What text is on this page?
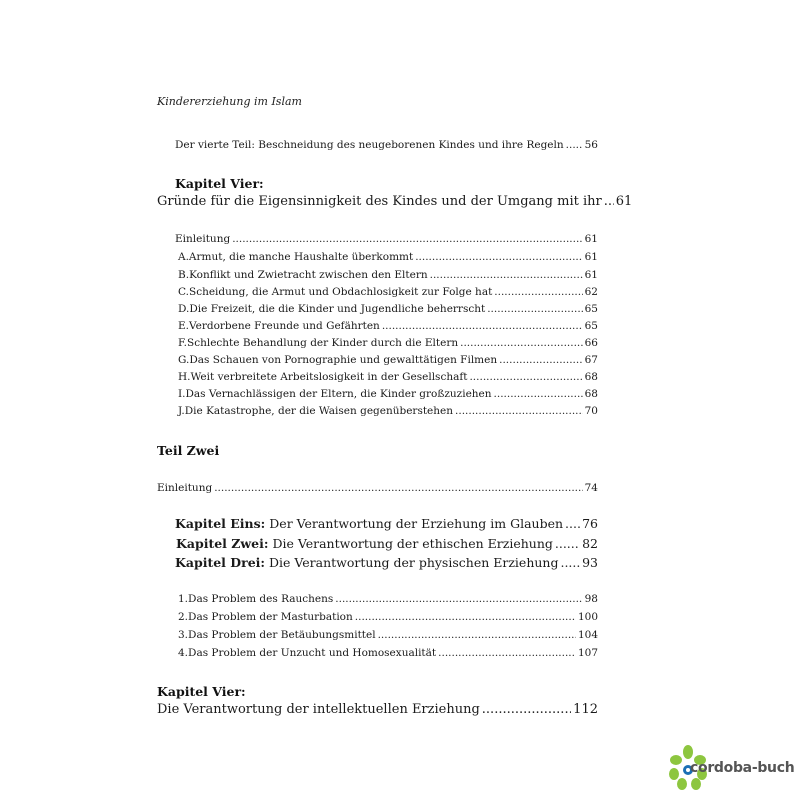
Kindererziehung im Islam
Der vierte Teil: Beschneidung des neugeborenen Kindes und ihre Regeln ..... 56
Kapitel Vier:
Gründe für die Eigensinnigkeit des Kindes und der Umgang mit ihr ..... 61
Einleitung .....	61
A. Armut, die manche Haushalte überkommt .....	61
B. Konflikt und Zwietracht zwischen den Eltern .....	61
C. Scheidung, die Armut und Obdachlosigkeit zur Folge hat .....	62
D. Die Freizeit, die die Kinder und Jugendliche beherrscht .....	65
E. Verdorbene Freunde und Gefährten .....	65
F. Schlechte Behandlung der Kinder durch die Eltern .....	66
G. Das Schauen von Pornographie und gewalttätigen Filmen .....	67
H. Weit verbreitete Arbeitslosigkeit in der Gesellschaft .....	68
I. Das Vernachlässigen der Eltern, die Kinder großzuziehen .....	68
J. Die Katastrophe, der die Waisen gegenüberstehen .....	70
Teil Zwei
Einleitung .....	74
Kapitel Eins: Der Verantwortung der Erziehung im Glauben ..... 76
Kapitel Zwei: Die Verantwortung der ethischen Erziehung ..... 82
Kapitel Drei: Die Verantwortung der physischen Erziehung ..... 93
1. Das Problem des Rauchens .....	98
2. Das Problem der Masturbation .....	100
3. Das Problem der Betäubungsmittel .....	104
4. Das Problem der Unzucht und Homosexualität .....	107
Kapitel Vier:
Die Verantwortung der intellektuellen Erziehung .....	112
cordoba-buch
